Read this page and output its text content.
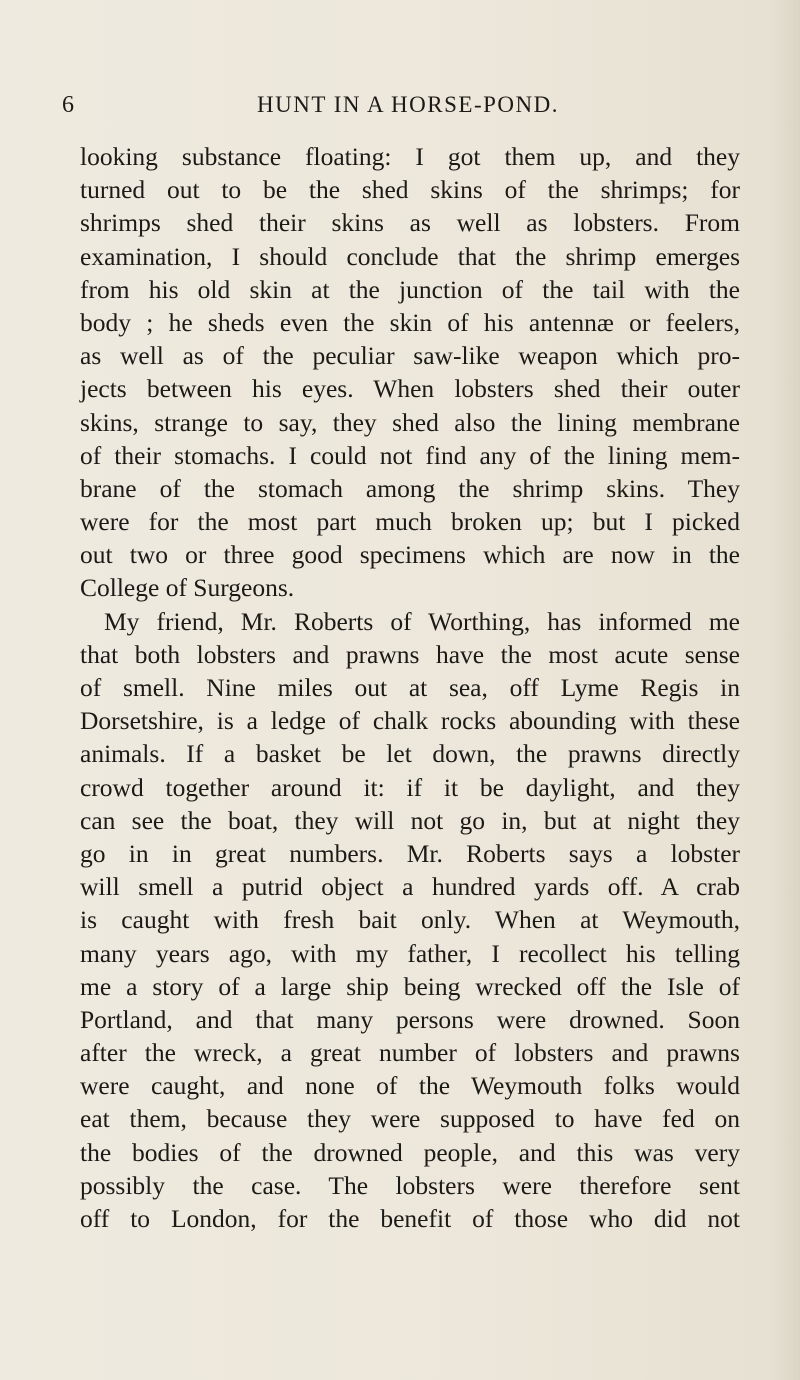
6	HUNT IN A HORSE-POND.
looking substance floating: I got them up, and they
turned out to be the shed skins of the shrimps; for
shrimps shed their skins as well as lobsters. From
examination, I should conclude that the shrimp emerges
from his old skin at the junction of the tail with the
body ; he sheds even the skin of his antennæ or feelers,
as well as of the peculiar saw-like weapon which pro-
jects between his eyes. When lobsters shed their outer
skins, strange to say, they shed also the lining membrane
of their stomachs. I could not find any of the lining mem-
brane of the stomach among the shrimp skins. They
were for the most part much broken up; but I picked
out two or three good specimens which are now in the
College of Surgeons.
My friend, Mr. Roberts of Worthing, has informed me
that both lobsters and prawns have the most acute sense
of smell. Nine miles out at sea, off Lyme Regis in
Dorsetshire, is a ledge of chalk rocks abounding with these
animals. If a basket be let down, the prawns directly
crowd together around it: if it be daylight, and they
can see the boat, they will not go in, but at night they
go in in great numbers. Mr. Roberts says a lobster
will smell a putrid object a hundred yards off. A crab
is caught with fresh bait only. When at Weymouth,
many years ago, with my father, I recollect his telling
me a story of a large ship being wrecked off the Isle of
Portland, and that many persons were drowned. Soon
after the wreck, a great number of lobsters and prawns
were caught, and none of the Weymouth folks would
eat them, because they were supposed to have fed on
the bodies of the drowned people, and this was very
possibly the case. The lobsters were therefore sent
off to London, for the benefit of those who did not
